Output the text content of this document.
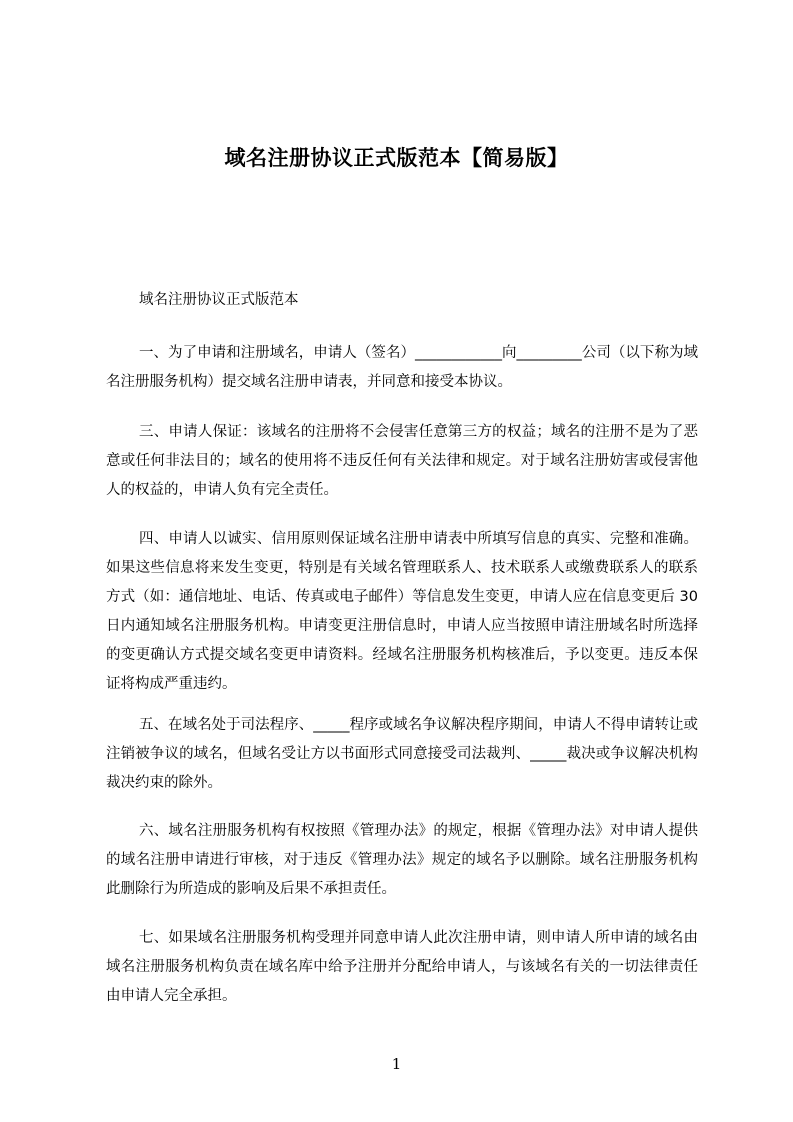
域名注册协议正式版范本【简易版】
域名注册协议正式版范本
一、为了申请和注册域名，申请人（签名）____________向_________公司（以下称为域名注册服务机构）提交域名注册申请表，并同意和接受本协议。
三、申请人保证：该域名的注册将不会侵害任意第三方的权益；域名的注册不是为了恶意或任何非法目的；域名的使用将不违反任何有关法律和规定。对于域名注册妨害或侵害他人的权益的，申请人负有完全责任。
四、申请人以诚实、信用原则保证域名注册申请表中所填写信息的真实、完整和准确。如果这些信息将来发生变更，特别是有关域名管理联系人、技术联系人或缴费联系人的联系方式（如：通信地址、电话、传真或电子邮件）等信息发生变更，申请人应在信息变更后 30 日内通知域名注册服务机构。申请变更注册信息时，申请人应当按照申请注册域名时所选择的变更确认方式提交域名变更申请资料。经域名注册服务机构核准后，予以变更。违反本保证将构成严重违约。
五、在域名处于司法程序、_____程序或域名争议解决程序期间，申请人不得申请转让或注销被争议的域名，但域名受让方以书面形式同意接受司法裁判、_____裁决或争议解决机构裁决约束的除外。
六、域名注册服务机构有权按照《管理办法》的规定，根据《管理办法》对申请人提供的域名注册申请进行审核，对于违反《管理办法》规定的域名予以删除。域名注册服务机构此删除行为所造成的影响及后果不承担责任。
七、如果域名注册服务机构受理并同意申请人此次注册申请，则申请人所申请的域名由域名注册服务机构负责在域名库中给予注册并分配给申请人，与该域名有关的一切法律责任由申请人完全承担。
1
